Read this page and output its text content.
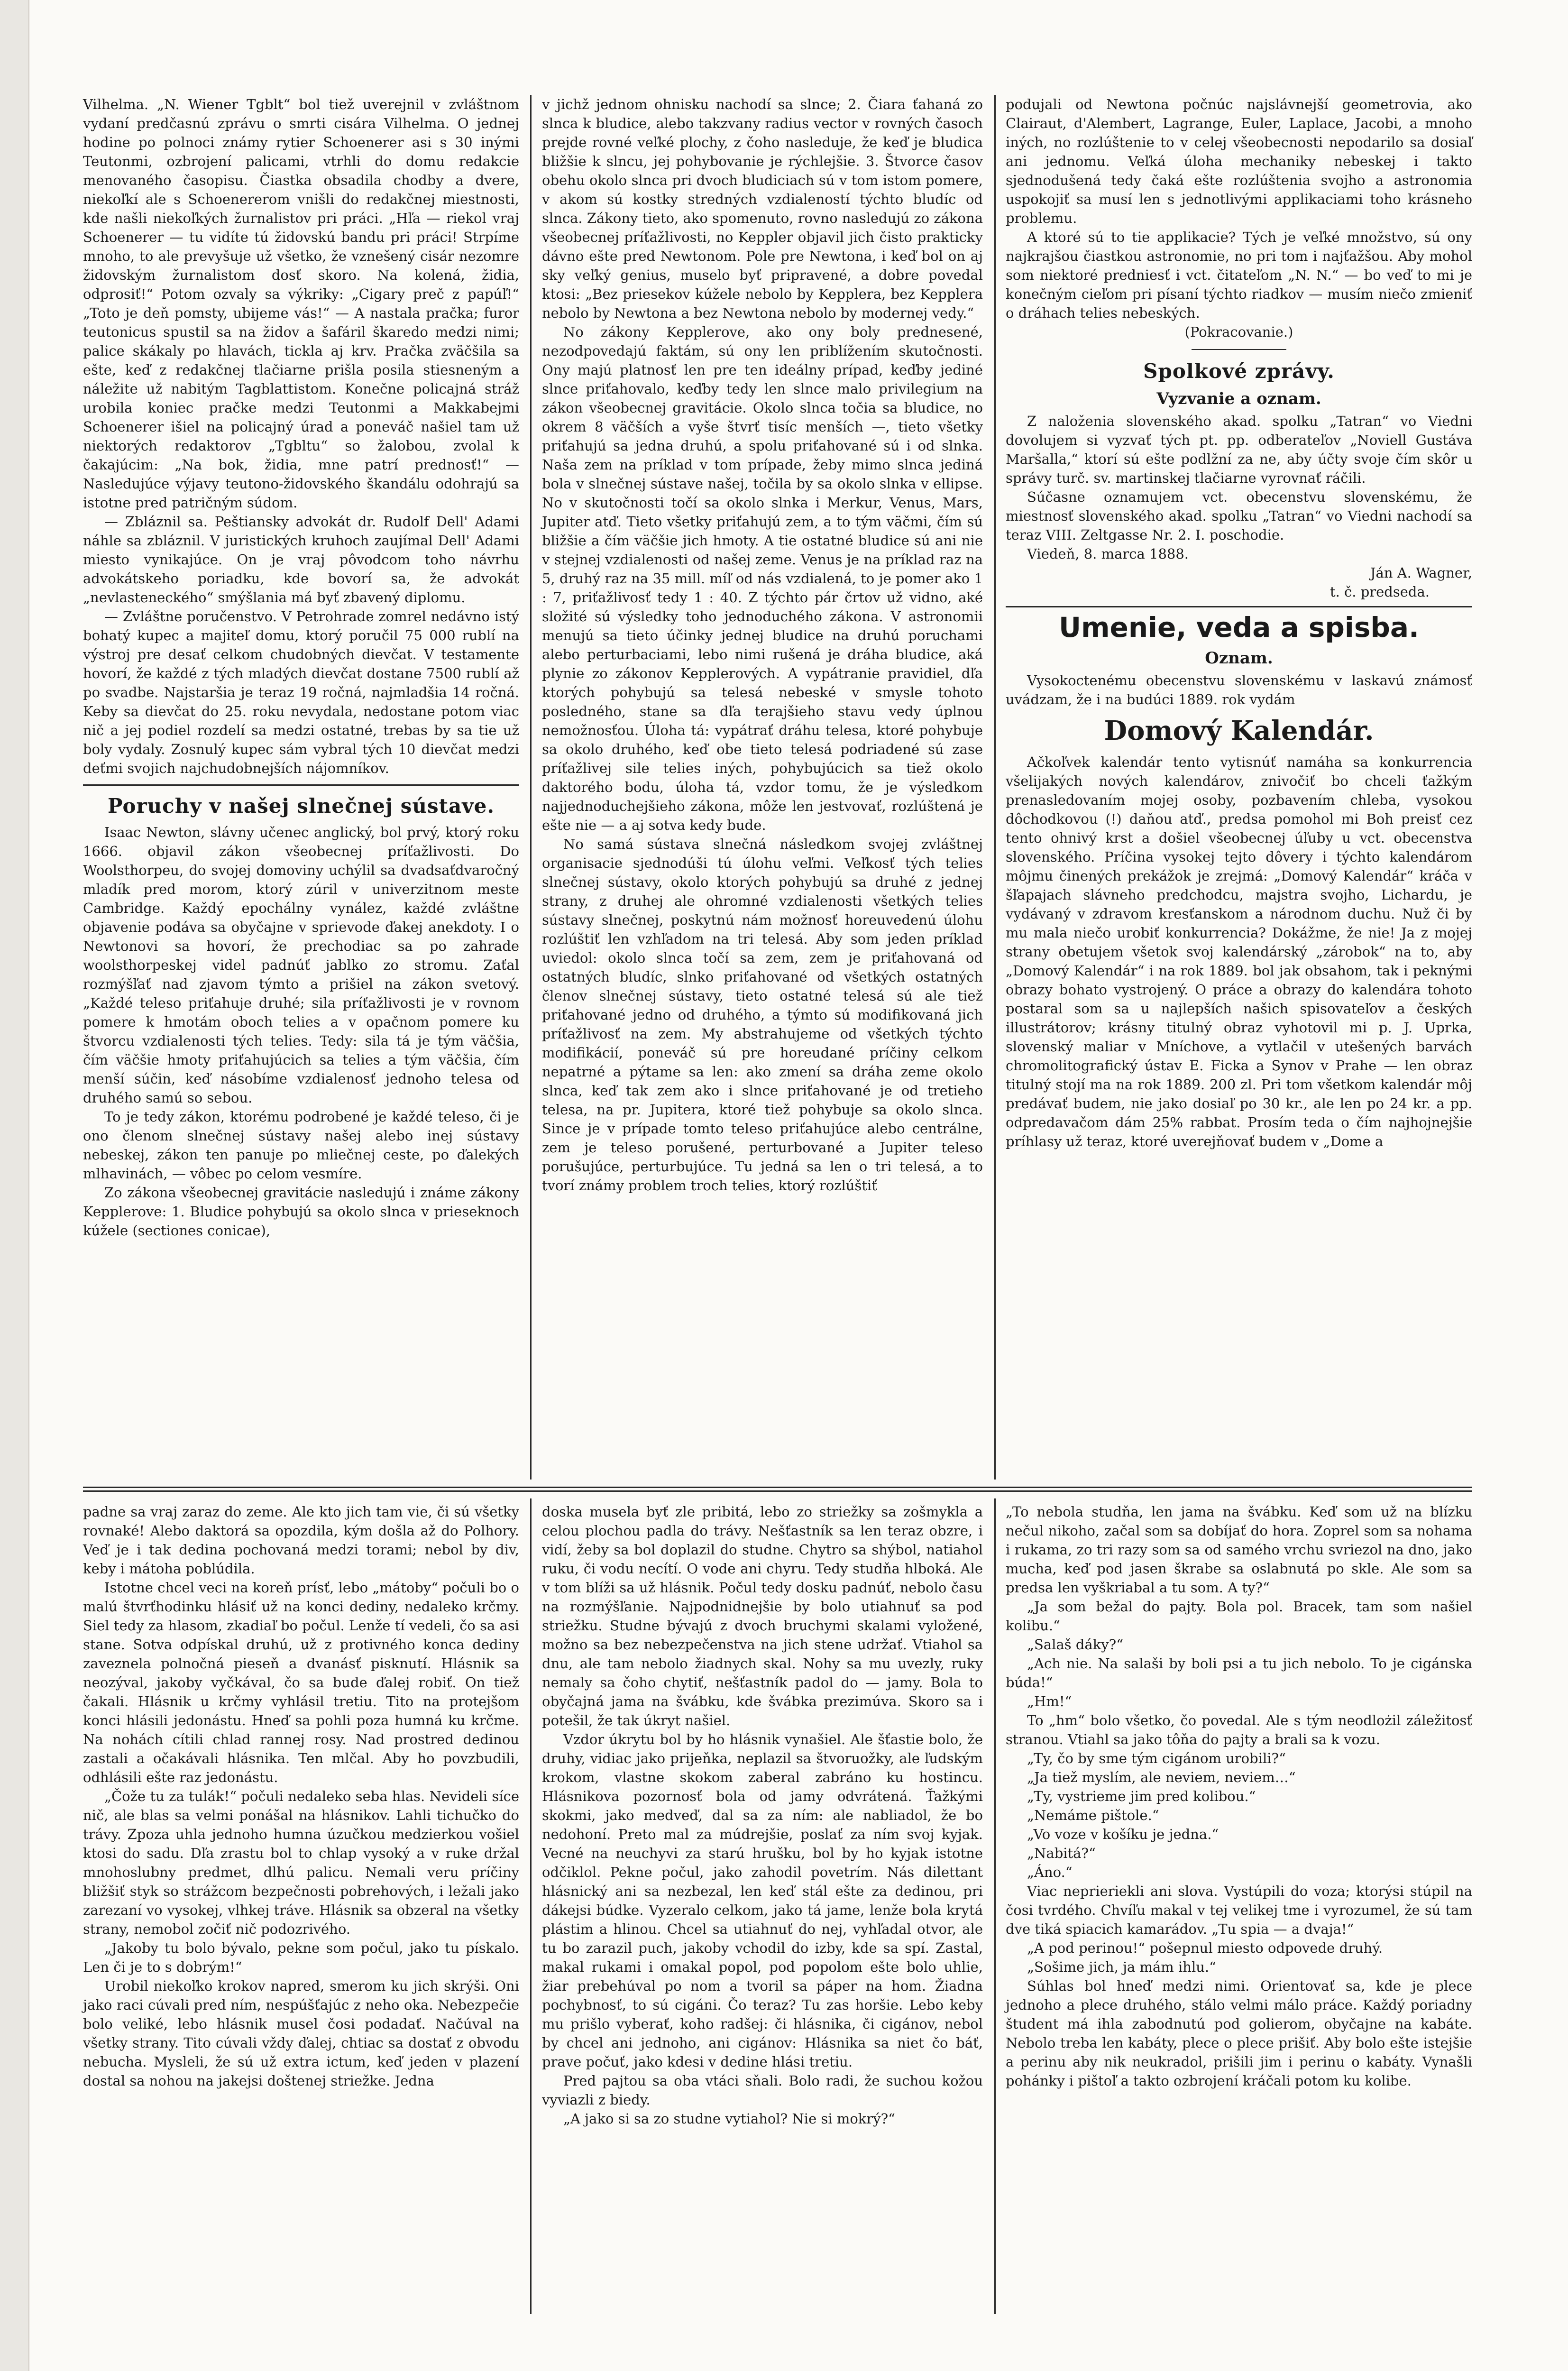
Vilhelma. „N. Wiener Tgblt“ bol tiež uverejnil v zvláštnom vydaní predčasnú zprávu o smrti cisára Vilhelma. O jednej hodine po polnoci známy rytier Schoenerer asi s 30 inými Teutonmi, ozbrojení palicami, vtrhli do domu redakcie menovaného časopisu. Čiastka obsadila chodby a dvere, niekoľkí ale s Schoenererom vnišli do redakčnej miestnosti, kde našli niekoľkých žurnalistov pri práci. „Hľa — riekol vraj Schoenerer — tu vidíte tú židovskú bandu pri práci! Strpíme mnoho, to ale prevyšuje už všetko, že vznešený cisár nezomre židovským žurnalistom dosť skoro. Na kolená, židia, odprosiť!“ Potom ozvaly sa výkriky: „Cigary preč z papúľ!“ „Toto je deň pomsty, ubijeme vás!“ — A nastala pračka; furor teutonicus spustil sa na židov a šafáril škaredo medzi nimi; palice skákaly po hlavách, tickla aj krv. Pračka zväčšila sa ešte, keď z redakčnej tlačiarne prišla posila stiesneným a náležite už nabitým Tagblattistom. Konečne policajná stráž urobila koniec pračke medzi Teutonmi a Makkabejmi Schoenerer išiel na policajný úrad a poneváč našiel tam už niektorých redaktorov „Tgbltu“ so žalobou, zvolal k čakajúcim: „Na bok, židia, mne patrí prednosť!“ — Nasledujúce výjavy teutono-židovského škandálu odohrajú sa istotne pred patričným súdom.

— Zbláznil sa. Peštiansky advokát dr. Rudolf Dell' Adami náhle sa zbláznil. V juristických kruhoch zaujímal Dell' Adami miesto vynikajúce. On je vraj pôvodcom toho návrhu advokátskeho poriadku, kde bovorí sa, že advokát „nevlasteneckého“ smýšlania má byť zbavený diplomu.

— Zvláštne poručenstvo. V Petrohrade zomrel nedávno istý bohatý kupec a majiteľ domu, ktorý poručil 75 000 rublí na výstroj pre desať celkom chudobných dievčat. V testamente hovorí, že každé z tých mladých dievčat dostane 7500 rublí až po svadbe. Najstaršia je teraz 19 ročná, najmladšia 14 ročná. Keby sa dievčat do 25. roku nevydala, nedostane potom viac nič a jej podiel rozdelí sa medzi ostatné, trebas by sa tie už boly vydaly. Zosnulý kupec sám vybral tých 10 dievčat medzi deťmi svojich najchudobnejších nájomníkov.

Poruchy v našej slnečnej sústave.

Isaac Newton, slávny učenec anglický, bol prvý, ktorý roku 1666. objavil zákon všeobecnej príťažlivosti. Do Woolsthorpeu, do svojej domoviny uchýlil sa dvadsaťdvaročný mladík pred morom, ktorý zúril v univerzitnom meste Cambridge. Každý epochálny vynález, každé zvláštne objavenie podáva sa obyčajne v sprievode ďakej anekdoty. I o Newtonovi sa hovorí, že prechodiac sa po zahrade woolsthorpeskej videl padnúť jablko zo stromu. Zaťal rozmýšľať nad zjavom týmto a prišiel na zákon svetový. „Každé teleso priťahuje druhé; sila príťažlivosti je v rovnom pomere k hmotám oboch telies a v opačnom pomere ku štvorcu vzdialenosti tých telies. Tedy: sila tá je tým väčšia, čím väčšie hmoty priťahujúcich sa telies a tým väčšia, čím menší súčin, keď násobíme vzdialenosť jednoho telesa od druhého samú so sebou.

To je tedy zákon, ktorému podrobené je každé teleso, či je ono členom slnečnej sústavy našej alebo inej sústavy nebeskej, zákon ten panuje po mliečnej ceste, po ďalekých mlhavinách, — vôbec po celom vesmíre.

Zo zákona všeobecnej gravitácie nasledujú i známe zákony Kepplerove: 1. Bludice pohybujú sa okolo slnca v prieseknoch kúžele (sectiones conicae),

v jichž jednom ohnisku nachodí sa slnce; 2. Čiara ťahaná zo slnca k bludice, alebo takzvany radius vector v rovných časoch prejde rovné veľké plochy, z čoho nasleduje, že keď je bludica bližšie k slncu, jej pohybovanie je rýchlejšie. 3. Štvorce časov obehu okolo slnca pri dvoch bludiciach sú v tom istom pomere, v akom sú kostky stredných vzdialeností týchto bludíc od slnca. Zákony tieto, ako spomenuto, rovno nasledujú zo zákona všeobecnej príťažlivosti, no Keppler objavil jich čisto prakticky dávno ešte pred Newtonom. Pole pre Newtona, i keď bol on aj sky veľký genius, muselo byť pripravené, a dobre povedal ktosi: „Bez priesekov kúžele nebolo by Kepplera, bez Kepplera nebolo by Newtona a bez Newtona nebolo by modernej vedy.“

No zákony Kepplerove, ako ony boly prednesené, nezodpovedajú faktám, sú ony len priblížením skutočnosti. Ony majú platnosť len pre ten ideálny prípad, keďby jediné slnce priťahovalo, keďby tedy len slnce malo privilegium na zákon všeobecnej gravitácie. Okolo slnca točia sa bludice, no okrem 8 väčších a vyše štvrť tisíc menších —, tieto všetky priťahujú sa jedna druhú, a spolu priťahované sú i od slnka. Naša zem na príklad v tom prípade, žeby mimo slnca jediná bola v slnečnej sústave našej, točila by sa okolo slnka v ellipse. No v skutočnosti točí sa okolo slnka i Merkur, Venus, Mars, Jupiter atď. Tieto všetky priťahujú zem, a to tým väčmi, čím sú bližšie a čím väčšie jich hmoty. A tie ostatné bludice sú ani nie v stejnej vzdialenosti od našej zeme. Venus je na príklad raz na 5, druhý raz na 35 mill. míľ od nás vzdialená, to je pomer ako 1 : 7, priťažlivosť tedy 1 : 40. Z týchto pár črtov už vidno, aké složité sú výsledky toho jednoduchého zákona. V astronomii menujú sa tieto účinky jednej bludice na druhú poruchami alebo perturbaciami, lebo nimi rušená je dráha bludice, aká plynie zo zákonov Kepplerových. A vypátranie pravidiel, dľa ktorých pohybujú sa telesá nebeské v smysle tohoto posledného, stane sa dľa terajšieho stavu vedy úplnou nemožnosťou. Úloha tá: vypátrať dráhu telesa, ktoré pohybuje sa okolo druhého, keď obe tieto telesá podriadené sú zase príťažlivej sile telies iných, pohybujúcich sa tiež okolo daktorého bodu, úloha tá, vzdor tomu, že je výsledkom najjednoduchejšieho zákona, môže len jestvovať, rozlúštená je ešte nie — a aj sotva kedy bude.

No samá sústava slnečná následkom svojej zvláštnej organisacie sjednodúši tú úlohu veľmi. Veľkosť tých telies slnečnej sústavy, okolo ktorých pohybujú sa druhé z jednej strany, z druhej ale ohromné vzdialenosti všetkých telies sústavy slnečnej, poskytnú nám možnosť horeuvedenú úlohu rozlúštiť len vzhľadom na tri telesá. Aby som jeden príklad uviedol: okolo slnca točí sa zem, zem je priťahovaná od ostatných bludíc, slnko priťahované od všetkých ostatných členov slnečnej sústavy, tieto ostatné telesá sú ale tiež priťahované jedno od druhého, a týmto sú modifikovaná jich príťažlivosť na zem. My abstrahujeme od všetkých týchto modifikácií, poneváč sú pre horeudané príčiny celkom nepatrné a pýtame sa len: ako zmení sa dráha zeme okolo slnca, keď tak zem ako i slnce priťahované je od tretieho telesa, na pr. Jupitera, ktoré tiež pohybuje sa okolo slnca. Since je v prípade tomto teleso priťahujúce alebo centrálne, zem je teleso porušené, perturbované a Jupiter teleso porušujúce, perturbujúce. Tu jedná sa len o tri telesá, a to tvorí známy problem troch telies, ktorý rozlúštiť

podujali od Newtona počnúc najslávnejší geometrovia, ako Clairaut, d'Alembert, Lagrange, Euler, Laplace, Jacobi, a mnoho iných, no rozlúštenie to v celej všeobecnosti nepodarilo sa dosiaľ ani jednomu. Veľká úloha mechaniky nebeskej i takto sjednodušená tedy čaká ešte rozlúštenia svojho a astronomia uspokojiť sa musí len s jednotlivými applikaciami toho krásneho problemu.

A ktoré sú to tie applikacie? Tých je veľké množstvo, sú ony najkrajšou čiastkou astronomie, no pri tom i najťažšou. Aby mohol som niektoré predniesť i vct. čitateľom „N. N.“ — bo veď to mi je konečným cieľom pri písaní týchto riadkov — musím niečo zmieniť o dráhach telies nebeských.

(Pokracovanie.)
Spolkové zprávy.
Vyzvanie a oznam.

Z naloženia slovenského akad. spolku „Tatran“ vo Viedni dovolujem si vyzvať tých pt. pp. odberateľov „Noviell Gustáva Maršalla,“ ktorí sú ešte podlžní za ne, aby účty svoje čím skôr u správy turč. sv. martinskej tlačiarne vyrovnať ráčili.

Súčasne oznamujem vct. obecenstvu slovenskému, že miestnosť slovenského akad. spolku „Tatran“ vo Viedni nachodí sa teraz VIII. Zeltgasse Nr. 2. I. poschodie.

Viedeň, 8. marca 1888.

Ján A. Wagner,
t. č. predseda.
Umenie, veda a spisba.
Oznam.

Vysokoctenému obecenstvu slovenskému v laskavú známosť uvádzam, že i na budúci 1889. rok vydám

Domový Kalendár.

Ačkoľvek kalendár tento vytisnúť namáha sa konkurrencia všelijakých nových kalendárov, znivočiť bo chceli ťažkým prenasledovaním mojej osoby, pozbavením chleba, vysokou dôchodkovou (!) daňou atď., predsa pomohol mi Boh preisť cez tento ohnivý krst a došiel všeobecnej úľuby u vct. obecenstva slovenského. Príčina vysokej tejto dôvery i týchto kalendárom môjmu činených prekážok je zrejmá: „Domový Kalendár“ kráča v šľapajach slávneho predchodcu, majstra svojho, Lichardu, je vydávaný v zdravom kresťanskom a národnom duchu. Nuž či by mu mala niečo urobiť konkurrencia? Dokážme, že nie! Ja z mojej strany obetujem všetok svoj kalendárský „zárobok“ na to, aby „Domový Kalendár“ i na rok 1889. bol jak obsahom, tak i peknými obrazy bohato vystrojený. O práce a obrazy do kalendára tohoto postaral som sa u najlepších našich spisovateľov a českých illustrátorov; krásny titulný obraz vyhotovil mi p. J. Uprka, slovenský maliar v Mníchove, a vytlačil v utešených barvách chromolitografický ústav E. Ficka a Synov v Prahe — len obraz titulný stojí ma na rok 1889. 200 zl. Pri tom všetkom kalendár môj predávať budem, nie jako dosiaľ po 30 kr., ale len po 24 kr. a pp. odpredavačom dám 25% rabbat. Prosím teda o čím najhojnejšie príhlasy už teraz, ktoré uverejňovať budem v „Dome a

padne sa vraj zaraz do zeme. Ale kto jich tam vie, či sú všetky rovnaké! Alebo daktorá sa opozdila, kým došla až do Polhory. Veď je i tak dedina pochovaná medzi torami; nebol by div, keby i mátoha poblúdila.

Istotne chcel veci na koreň prísť, lebo „mátoby“ počuli bo o malú štvrťhodinku hlásiť už na konci dediny, nedaleko krčmy. Siel tedy za hlasom, zkadiaľ bo počul. Lenže tí vedeli, čo sa asi stane. Sotva odpískal druhú, už z protivného konca dediny zaveznela polnočná pieseň a dvanásť pisknutí. Hlásnik sa neozýval, jakoby vyčkával, čo sa bude ďalej robiť. On tiež čakali. Hlásnik u krčmy vyhlásil tretiu. Tito na protejšom konci hlásili jedonástu. Hneď sa pohli poza humná ku krčme. Na nohách cítili chlad rannej rosy. Nad prostred dedinou zastali a očakávali hlásnika. Ten mlčal. Aby ho povzbudili, odhlásili ešte raz jedonástu.

„Čože tu za tulák!“ počuli nedaleko seba hlas. Nevideli síce nič, ale blas sa velmi ponášal na hlásnikov. Lahli tichučko do trávy. Zpoza uhla jednoho humna úzučkou medzierkou vošiel ktosi do sadu. Dľa zrastu bol to chlap vysoký a v ruke držal mnohoslubny predmet, dlhú palicu. Nemali veru príčiny bližšiť styk so strážcom bezpečnosti pobrehových, i ležali jako zarezaní vo vysokej, vlhkej tráve. Hlásnik sa obzeral na všetky strany, nemobol zočiť nič podozrivého.

„Jakoby tu bolo bývalo, pekne som počul, jako tu pískalo. Len či je to s dobrým!“

Urobil niekoľko krokov napred, smerom ku jich skrýši. Oni jako raci cúvali pred ním, nespúšťajúc z neho oka. Nebezpečie bolo veliké, lebo hlásnik musel čosi podadať. Načúval na všetky strany. Tito cúvali vždy ďalej, chtiac sa dostať z obvodu nebucha. Mysleli, že sú už extra ictum, keď jeden v plazení dostal sa nohou na jakejsi doštenej striežke. Jedna

doska musela byť zle pribitá, lebo zo striežky sa zošmykla a celou plochou padla do trávy. Nešťastník sa len teraz obzre, i vidí, žeby sa bol doplazil do studne. Chytro sa shýbol, natiahol ruku, či vodu necítí. O vode ani chyru. Tedy studňa hlboká. Ale v tom blíži sa už hlásnik. Počul tedy dosku padnúť, nebolo času na rozmýšľanie. Najpodnidnejšie by bolo utiahnuť sa pod striežku. Studne bývajú z dvoch bruchymi skalami vyložené, možno sa bez nebezpečenstva na jich stene udržať. Vtiahol sa dnu, ale tam nebolo žiadnych skal. Nohy sa mu uvezly, ruky nemaly sa čoho chytiť, nešťastník padol do — jamy. Bola to obyčajná jama na švábku, kde švábka prezimúva. Skoro sa i potešil, že tak úkryt našiel.

Vzdor úkrytu bol by ho hlásnik vynašiel. Ale šťastie bolo, že druhy, vidiac jako prijeňka, neplazil sa štvoruožky, ale ľudským krokom, vlastne skokom zaberal zabráno ku hostincu. Hlásnikova pozornosť bola od jamy odvrátená. Ťažkými skokmi, jako medveď, dal sa za ním: ale nabliadol, že bo nedohoní. Preto mal za múdrejšie, poslať za ním svoj kyjak. Vecné na neuchyvi za starú hrušku, bol by ho kyjak istotne odčiklol. Pekne počul, jako zahodil povetrím. Nás dilettant hlásnický ani sa nezbezal, len keď stál ešte za dedinou, pri dákejsi búdke. Vyzeralo celkom, jako tá jame, lenže bola krytá plástim a hlinou. Chcel sa utiahnuť do nej, vyhľadal otvor, ale tu bo zarazil puch, jakoby vchodil do izby, kde sa spí. Zastal, makal rukami i omakal popol, pod popolom ešte bolo uhlie, žiar prebehúval po nom a tvoril sa páper na hom. Žiadna pochybnosť, to sú cigáni. Čo teraz? Tu zas horšie. Lebo keby mu prišlo vyberať, koho radšej: či hlásnika, či cigánov, nebol by chcel ani jednoho, ani cigánov: Hlásnika sa niet čo báť, prave počuť, jako kdesi v dedine hlási tretiu.

Pred pajtou sa oba vtáci sňali. Bolo radi, že suchou kožou vyviazli z biedy.

„A jako si sa zo studne vytiahol? Nie si mokrý?“

„To nebola studňa, len jama na švábku. Keď som už na blízku nečul nikoho, začal som sa dobíjať do hora. Zoprel som sa nohama i rukama, zo tri razy som sa od samého vrchu svriezol na dno, jako mucha, keď pod jasen škrabe sa oslabnutá po skle. Ale som sa predsa len vyškriabal a tu som. A ty?“

„Ja som bežal do pajty. Bola pol. Bracek, tam som našiel kolibu.“

„Salaš dáky?“

„Ach nie. Na salaši by boli psi a tu jich nebolo. To je cigánska búda!“

„Hm!“

To „hm“ bolo všetko, čo povedal. Ale s tým neodlożil záležitosť stranou. Vtiahl sa jako tôňa do pajty a brali sa k vozu.

„Ty, čo by sme tým cigánom urobili?“

„Ja tiež myslím, ale neviem, neviem…“

„Ty, vystrieme jim pred kolibou.“

„Nemáme pištole.“

„Vo voze v košíku je jedna.“

„Nabitá?“

„Áno.“

Viac neprieriekli ani slova. Vystúpili do voza; ktorýsi stúpil na čosi tvrdého. Chvíľu makal v tej velikej tme i vyrozumel, že sú tam dve tiká spiacich kamarádov. „Tu spia — a dvaja!“

„A pod perinou!“ pošepnul miesto odpovede druhý.

„Sošime jich, ja mám ihlu.“

Súhlas bol hneď medzi nimi. Orientovať sa, kde je plece jednoho a plece druhého, stálo velmi málo práce. Každý poriadny študent má ihla zabodnutú pod golierom, obyčajne na kabáte. Nebolo treba len kabáty, plece o plece prišiť. Aby bolo ešte istejšie a perinu aby nik neukradol, prišili jim i perinu o kabáty. Vynašli pohánky i pištoľ a takto ozbrojení kráčali potom ku kolibe.
